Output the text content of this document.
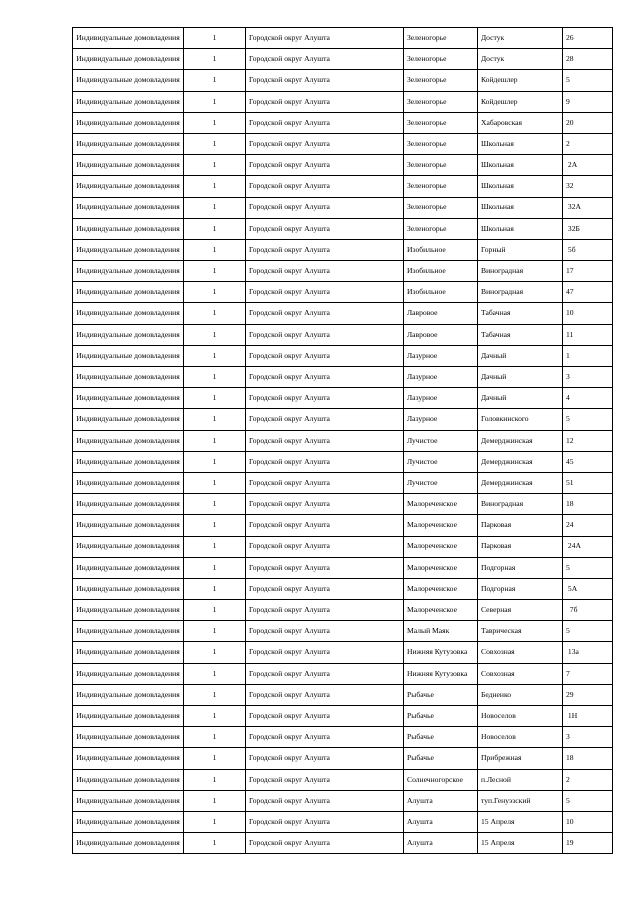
Индивидуальные домовладения	1	Городской округ Алушта	Зеленогорье	Достук	26
Индивидуальные домовладения	1	Городской округ Алушта	Зеленогорье	Достук	28
Индивидуальные домовладения	1	Городской округ Алушта	Зеленогорье	Койдешлер	5
Индивидуальные домовладения	1	Городской округ Алушта	Зеленогорье	Койдешлер	9
Индивидуальные домовладения	1	Городской округ Алушта	Зеленогорье	Хабаровская	20
Индивидуальные домовладения	1	Городской округ Алушта	Зеленогорье	Школьная	2
Индивидуальные домовладения	1	Городской округ Алушта	Зеленогорье	Школьная	2А
Индивидуальные домовладения	1	Городской округ Алушта	Зеленогорье	Школьная	32
Индивидуальные домовладения	1	Городской округ Алушта	Зеленогорье	Школьная	32А
Индивидуальные домовладения	1	Городской округ Алушта	Зеленогорье	Школьная	32Б
Индивидуальные домовладения	1	Городской округ Алушта	Изобильное	Горный	5б
Индивидуальные домовладения	1	Городской округ Алушта	Изобильное	Виноградная	17
Индивидуальные домовладения	1	Городской округ Алушта	Изобильное	Виноградная	47
Индивидуальные домовладения	1	Городской округ Алушта	Лавровое	Табачная	10
Индивидуальные домовладения	1	Городской округ Алушта	Лавровое	Табачная	11
Индивидуальные домовладения	1	Городской округ Алушта	Лазурное	Дачный	1
Индивидуальные домовладения	1	Городской округ Алушта	Лазурное	Дачный	3
Индивидуальные домовладения	1	Городской округ Алушта	Лазурное	Дачный	4
Индивидуальные домовладения	1	Городской округ Алушта	Лазурное	Головкинского	5
Индивидуальные домовладения	1	Городской округ Алушта	Лучистое	Демерджинская	12
Индивидуальные домовладения	1	Городской округ Алушта	Лучистое	Демерджинская	45
Индивидуальные домовладения	1	Городской округ Алушта	Лучистое	Демерджинская	51
Индивидуальные домовладения	1	Городской округ Алушта	Малореченское	Виноградная	18
Индивидуальные домовладения	1	Городской округ Алушта	Малореченское	Парковая	24
Индивидуальные домовладения	1	Городской округ Алушта	Малореченское	Парковая	24А
Индивидуальные домовладения	1	Городской округ Алушта	Малореченское	Подгорная	5
Индивидуальные домовладения	1	Городской округ Алушта	Малореченское	Подгорная	5А
Индивидуальные домовладения	1	Городской округ Алушта	Малореченское	Северная	7б
Индивидуальные домовладения	1	Городской округ Алушта	Малый Маяк	Таврическая	5
Индивидуальные домовладения	1	Городской округ Алушта	Нижняя Кутузовка	Совхозная	13а
Индивидуальные домовладения	1	Городской округ Алушта	Нижняя Кутузовка	Совхозная	7
Индивидуальные домовладения	1	Городской округ Алушта	Рыбачье	Бедненко	29
Индивидуальные домовладения	1	Городской округ Алушта	Рыбачье	Новоселов	1Н
Индивидуальные домовладения	1	Городской округ Алушта	Рыбачье	Новоселов	3
Индивидуальные домовладения	1	Городской округ Алушта	Рыбачье	Прибрежная	18
Индивидуальные домовладения	1	Городской округ Алушта	Солнечногорское	п.Лесной	2
Индивидуальные домовладения	1	Городской округ Алушта	Алушта	туп.Генуэзский	5
Индивидуальные домовладения	1	Городской округ Алушта	Алушта	15 Апреля	10
Индивидуальные домовладения	1	Городской округ Алушта	Алушта	15 Апреля	19
